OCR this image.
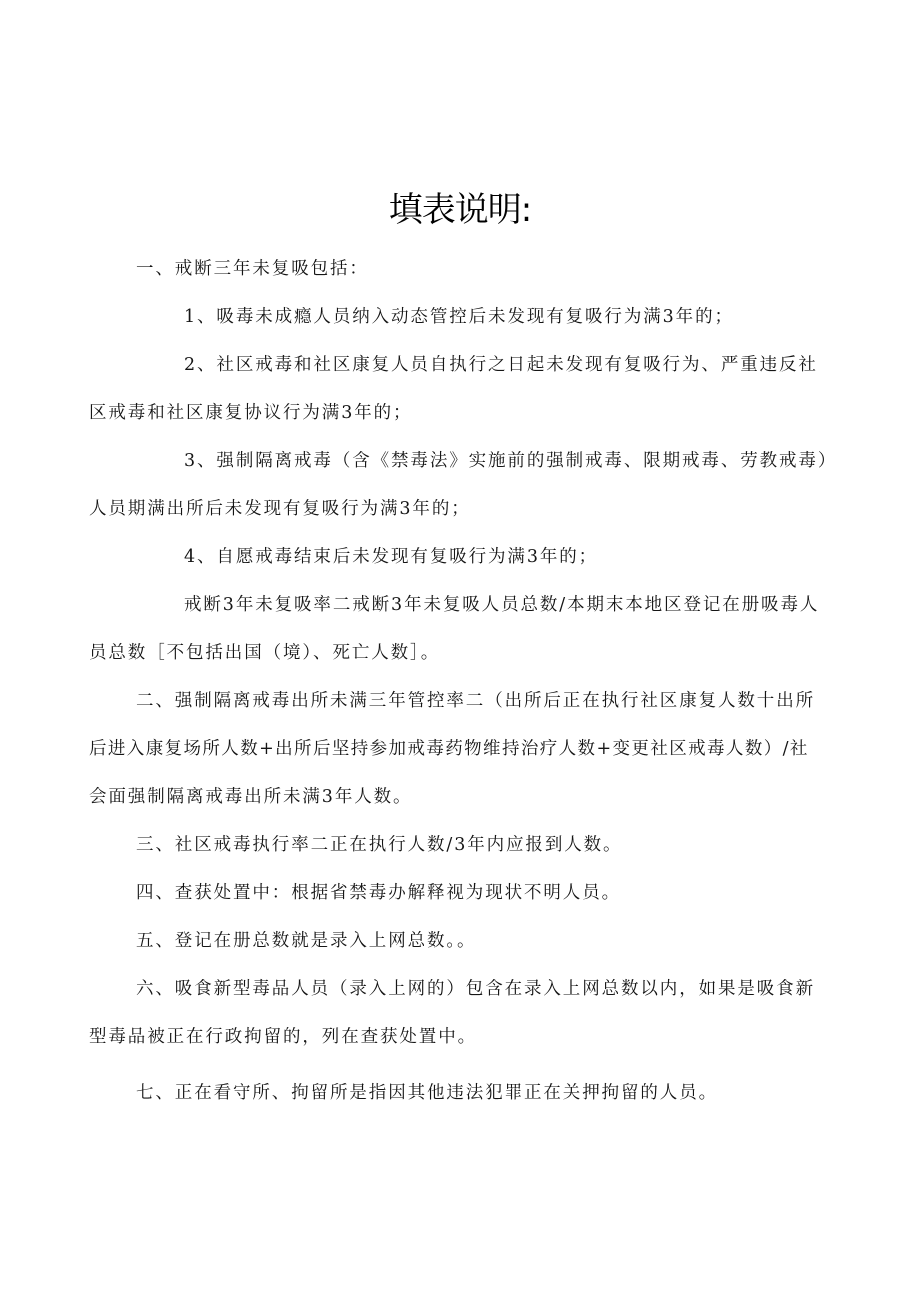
填表说明:
一、戒断三年未复吸包括：
1、吸毒未成瘾人员纳入动态管控后未发现有复吸行为满3年的；
2、社区戒毒和社区康复人员自执行之日起未发现有复吸行为、严重违反社
区戒毒和社区康复协议行为满3年的；
3、强制隔离戒毒（含《禁毒法》实施前的强制戒毒、限期戒毒、劳教戒毒）
人员期满出所后未发现有复吸行为满3年的；
4、自愿戒毒结束后未发现有复吸行为满3年的；
戒断3年未复吸率二戒断3年未复吸人员总数/本期末本地区登记在册吸毒人
员总数［不包括出国（境）、死亡人数］。
二、强制隔离戒毒出所未满三年管控率二（出所后正在执行社区康复人数十出所
后进入康复场所人数+出所后坚持参加戒毒药物维持治疗人数+变更社区戒毒人数）/社
会面强制隔离戒毒出所未满3年人数。
三、社区戒毒执行率二正在执行人数/3年内应报到人数。
四、查获处置中：根据省禁毒办解释视为现状不明人员。
五、登记在册总数就是录入上网总数。。
六、吸食新型毒品人员（录入上网的）包含在录入上网总数以内，如果是吸食新
型毒品被正在行政拘留的，列在查获处置中。
七、正在看守所、拘留所是指因其他违法犯罪正在关押拘留的人员。
